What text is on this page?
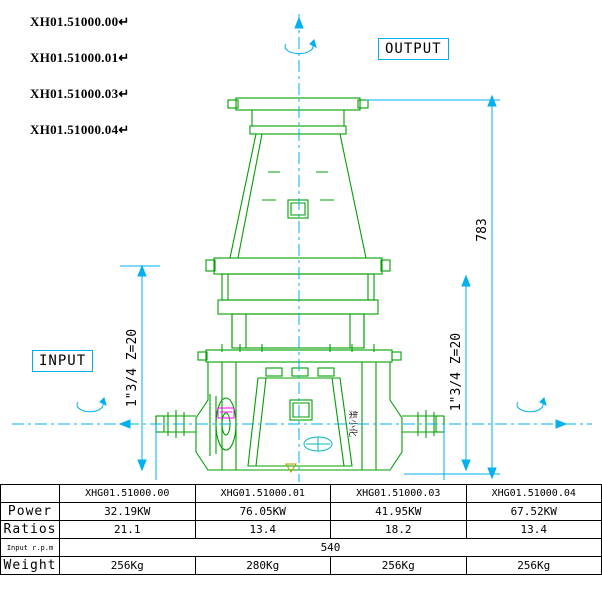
XH01.51000.00↵
XH01.51000.01↵
XH01.51000.03↵
XH01.51000.04↵
集小化
783
1"3/4 Z=20	1"3/4 Z=20
OUTPUT
INPUT
	XHG01.51000.00	XHG01.51000.01	XHG01.51000.03	XHG01.51000.04
Power	32.19KW	76.05KW	41.95KW	67.52KW
Ratios	21.1	13.4	18.2	13.4
Input r.p.m	540			
Weight	256Kg	280Kg	256Kg	256Kg
